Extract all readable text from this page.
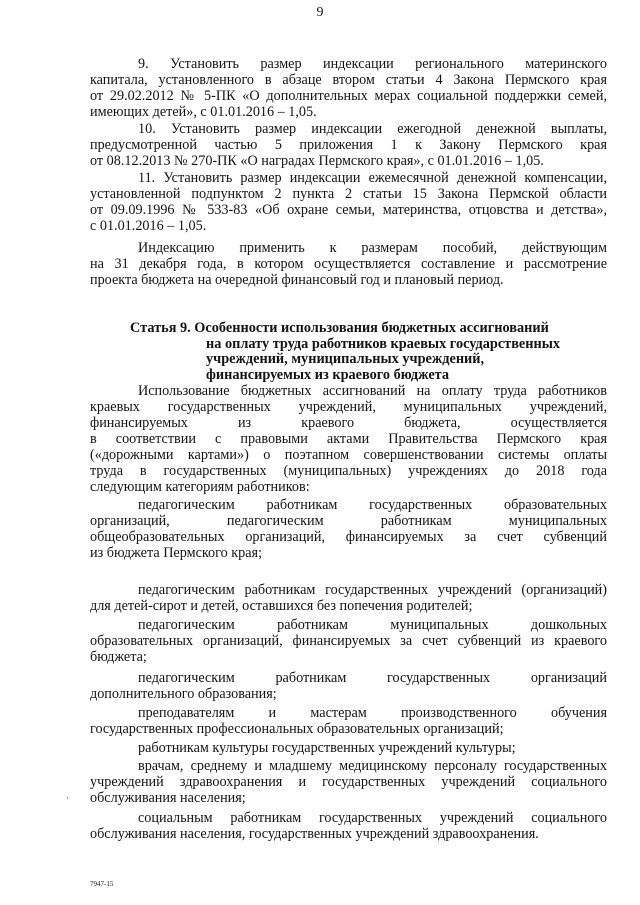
9
9. Установить размер индексации регионального материнского
капитала, установленного в абзаце втором статьи 4 Закона Пермского края
от 29.02.2012 № 5-ПК «О дополнительных мерах социальной поддержки семей,
имеющих детей», с 01.01.2016 – 1,05.
10. Установить размер индексации ежегодной денежной выплаты,
предусмотренной частью 5 приложения 1 к Закону Пермского края
от 08.12.2013 № 270-ПК «О наградах Пермского края», с 01.01.2016 – 1,05.
11. Установить размер индексации ежемесячной денежной компенсации,
установленной подпунктом 2 пункта 2 статьи 15 Закона Пермской области
от 09.09.1996 № 533-83 «Об охране семьи, материнства, отцовства и детства»,
с 01.01.2016 – 1,05.
Индексацию применить к размерам пособий, действующим
на 31 декабря года, в котором осуществляется составление и рассмотрение
проекта бюджета на очередной финансовый год и плановый период.
Статья 9. Особенности использования бюджетных ассигнований
на оплату труда работников краевых государственных
учреждений, муниципальных учреждений,
финансируемых из краевого бюджета
Использование бюджетных ассигнований на оплату труда работников
краевых государственных учреждений, муниципальных учреждений,
финансируемых из краевого бюджета, осуществляется
в соответствии с правовыми актами Правительства Пермского края
(«дорожными картами») о поэтапном совершенствовании системы оплаты
труда в государственных (муниципальных) учреждениях до 2018 года
следующим категориям работников:
педагогическим работникам государственных образовательных
организаций, педагогическим работникам муниципальных
общеобразовательных организаций, финансируемых за счет субвенций
из бюджета Пермского края;
педагогическим работникам государственных учреждений (организаций)
для детей-сирот и детей, оставшихся без попечения родителей;
педагогическим работникам муниципальных дошкольных
образовательных организаций, финансируемых за счет субвенций из краевого
бюджета;
педагогическим работникам государственных организаций
дополнительного образования;
преподавателям и мастерам производственного обучения
государственных профессиональных образовательных организаций;
работникам культуры государственных учреждений культуры;
врачам, среднему и младшему медицинскому персоналу государственных
учреждений здравоохранения и государственных учреждений социального
обслуживания населения;
социальным работникам государственных учреждений социального
обслуживания населения, государственных учреждений здравоохранения.
7947-15
·
